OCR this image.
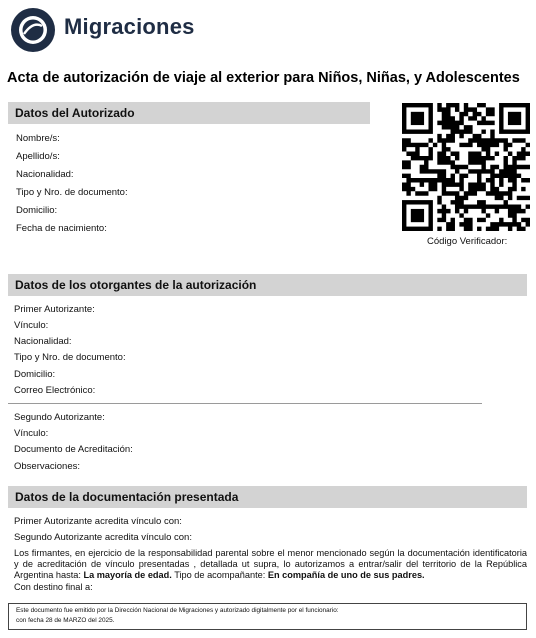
Migraciones
Acta de autorización de viaje al exterior para Niños, Niñas, y Adolescentes
Datos del Autorizado
Nombre/s:
Apellido/s:
Nacionalidad:
Tipo y Nro. de documento:
Domicilio:
Fecha de nacimiento:
Código Verificador:
Datos de los otorgantes de la autorización
Primer Autorizante:
Vínculo:
Nacionalidad:
Tipo y Nro. de documento:
Domicilio:
Correo Electrónico:
Segundo Autorizante:
Vínculo:
Documento de Acreditación:
Observaciones:
Datos de la documentación presentada
Primer Autorizante acredita vínculo con:
Segundo Autorizante acredita vínculo con:
Los firmantes, en ejercicio de la responsabilidad parental sobre el menor mencionado según la documentación identificatoria y de acreditación de vínculo presentadas , detallada ut supra, lo autorizamos a entrar/salir del territorio de la República Argentina hasta: La mayoría de edad. Tipo de acompañante: En compañía de uno de sus padres.
Con destino final a:
Este documento fue emitido por la Dirección Nacional de Migraciones y autorizado digitalmente por el funcionario:
con fecha 28 de MARZO del 2025.
